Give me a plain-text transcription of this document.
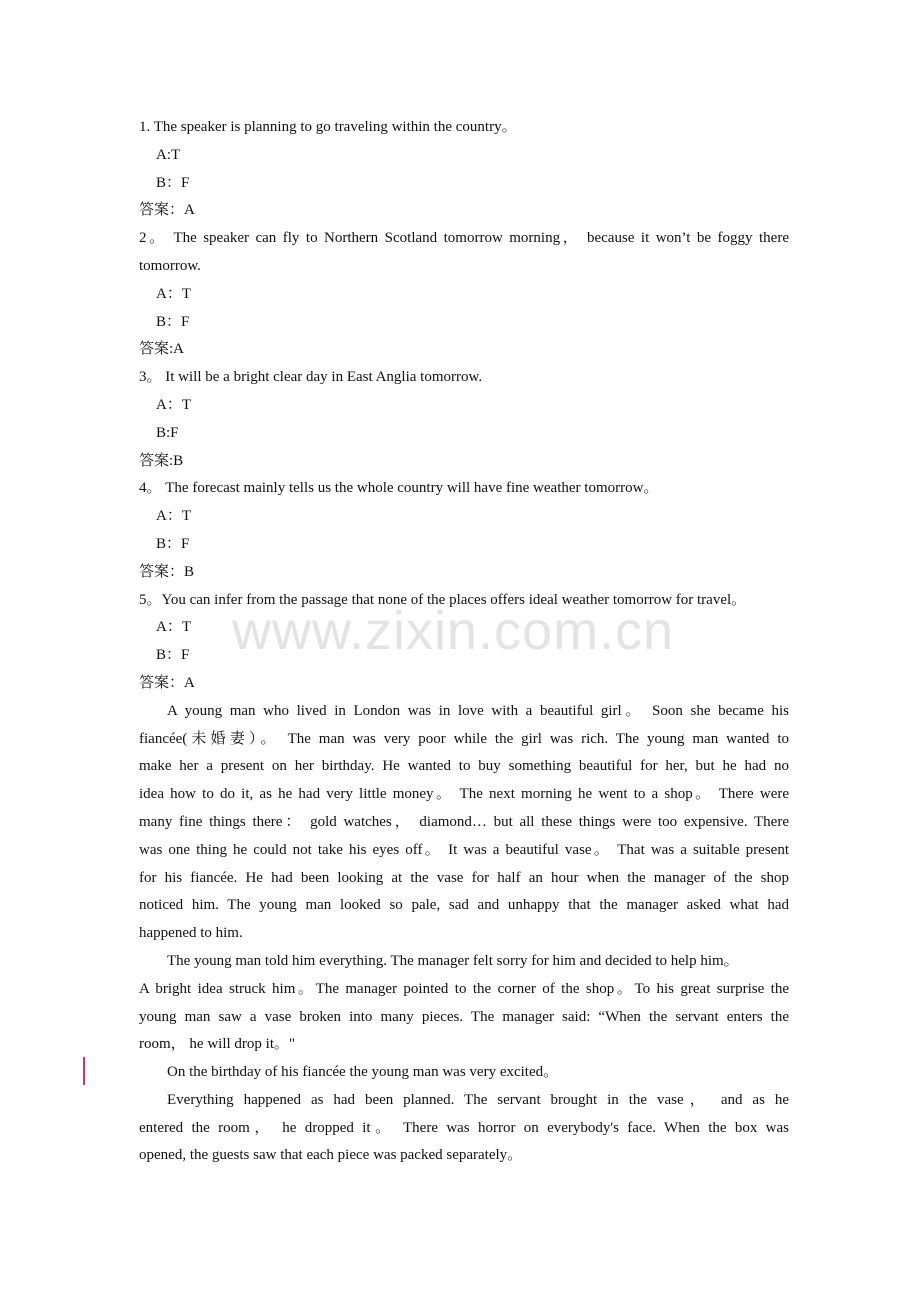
www.zixin.com.cn
1. The speaker is planning to go traveling within the country。
A:T
B：F
答案：A
2。 The speaker can fly to Northern Scotland tomorrow morning， because it won’t be foggy there
tomorrow.
A：T
B：F
答案:A
3。 It will be a bright clear day in East Anglia tomorrow.
A：T
B:F
答案:B
4。 The forecast mainly tells us the whole country will have fine weather tomorrow。
A：T
B：F
答案：B
5。You can infer from the passage that none of the places offers ideal weather tomorrow for travel。
A：T
B：F
答案：A
A young man who lived in London was in love with a beautiful girl。 Soon she became his
fiancée(未婚妻）。 The man was very poor while the girl was rich. The young man wanted to
make her a present on her birthday. He wanted to buy something beautiful for her, but he had no
idea how to do it, as he had very little money。 The next morning he went to a shop。 There were
many fine things there： gold watches， diamond… but all these things were too expensive. There
was one thing he could not take his eyes off。 It was a beautiful vase。 That was a suitable present
for his fiancée. He had been looking at the vase for half an hour when the manager of the shop
noticed him. The young man looked so pale, sad and unhappy that the manager asked what had
happened to him.
The young man told him everything. The manager felt sorry for him and decided to help him。
A bright idea struck him。The manager pointed to the corner of the shop。To his great surprise the
young man saw a vase broken into many pieces. The manager said: “When the servant enters the
room， he will drop it。"
On the birthday of his fiancée the young man was very excited。
Everything happened as had been planned. The servant brought in the vase， and as he
entered the room， he dropped it。 There was horror on everybody's face. When the box was
opened, the guests saw that each piece was packed separately。
